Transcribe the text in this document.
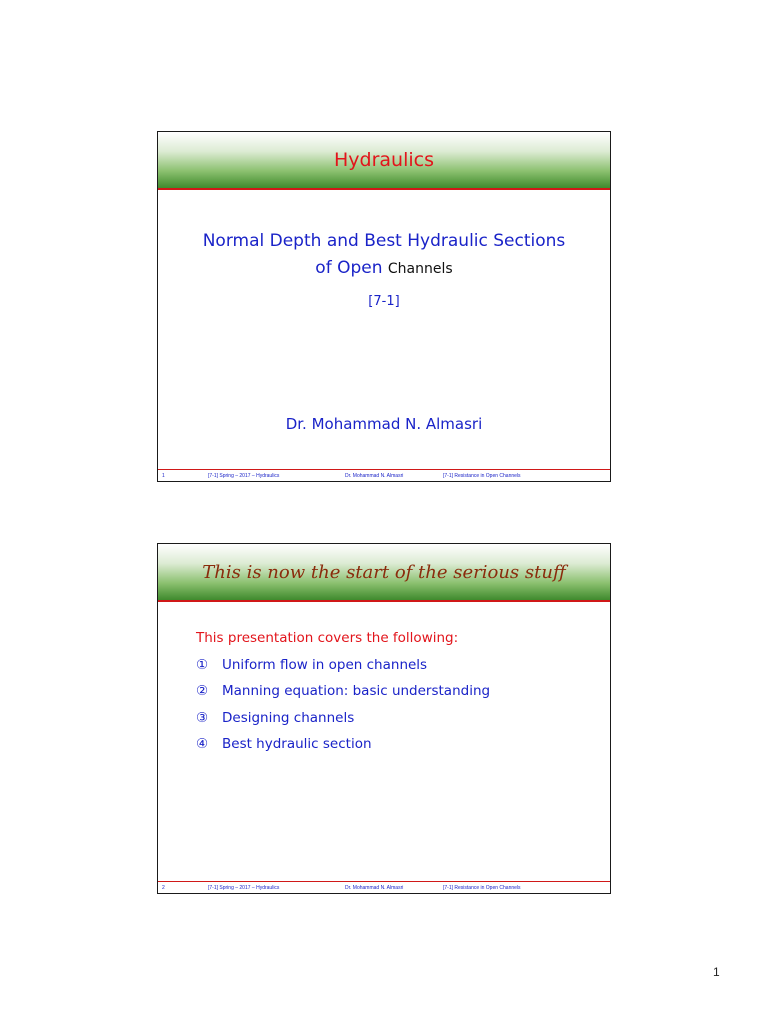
Hydraulics
Normal Depth and Best Hydraulic Sections
of Open Channels
[7-1]
Dr. Mohammad N. Almasri
1	[7-1] Spring – 2017 – Hydraulics	Dr. Mohammad N. Almasri	[7-1] Resistance in Open Channels
This is now the start of the serious stuff
This presentation covers the following:
①	Uniform flow in open channels
②	Manning equation: basic understanding
③	Designing channels
④	Best hydraulic section
2	[7-1] Spring – 2017 – Hydraulics	Dr. Mohammad N. Almasri	[7-1] Resistance in Open Channels
1
